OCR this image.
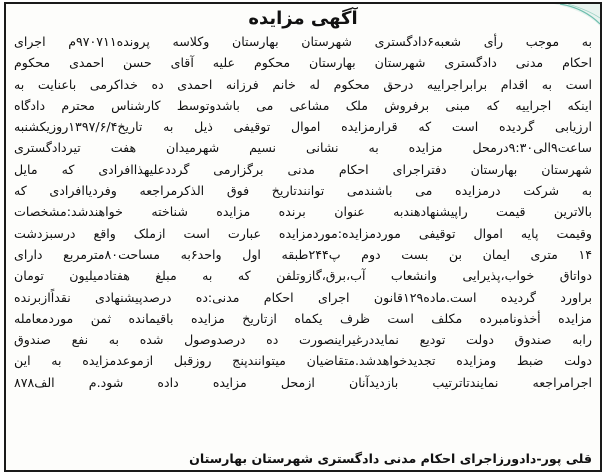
آگهی مزایده
به موجب رأی شعبه۶دادگستری شهرستان بهارستان وکلاسه پرونده۹۷۰۷۱۱م اجرای
احکام مدنی دادگستری شهرستان بهارستان محکوم علیه آقای حسن احمدی محکوم
است به اقدام برابراجراییه درحق محکوم له خانم فرزانه احمدی ده خداکرمی باعنایت به
اینکه اجراییه که مبنی برفروش ملک مشاعی می باشدوتوسط کارشناس محترم دادگاه
ارزیابی گردیده است که قرارمزایده اموال توقیفی ذیل به تاریخ۱۳۹۷/۶/۴روزیکشنبه
ساعت۹الی۹:۳۰درمحل مزایده به نشانی نسیم شهرمیدان هفت تیردادگستری
شهرستان بهارستان دفتراجرای احکام مدنی برگزارمی گرددعلیهذاافرادی که مایل
به شرکت درمزایده می باشندمی توانندتاریخ فوق الذکرمراجعه وفردیاافرادی که
بالاترین قیمت راپیشنهادهندبه عنوان برنده مزایده شناخته خواهندشد:مشخصات
وقیمت پایه اموال توقیفی موردمزایده:موردمزایده عبارت است ازملک واقع درسبزدشت
۱۴ متری ایمان بن بست دوم پ۲۴۴طبقه اول واحد۶به مساحت۸۰مترمربع دارای
دواتاق خواب،پذیرایی وانشعاب آب،برق،گازوتلفن که به مبلغ هفتادمیلیون تومان
براورد گردیده است.ماده۱۲۹قانون اجرای احکام مدنی:ده درصدپیشنهادی نقداًازبرنده
مزایده أخذونامبرده مکلف است ظرف یکماه ازتاریخ مزایده باقیمانده ثمن موردمعامله
رابه صندوق دولت تودیع نمایددرغیراینصورت ده درصدوصول شده به نفع صندوق
دولت ضبط ومزایده تجدیدخواهدشد.متقاضیان میتوانندپنج روزقبل ازموعدمزایده به این
اجرامراجعه نمایندتاترتیب بازدیدآنان ازمحل مزایده داده شود.م الف۸۷۸
قلی پور-دادورزاجرای احکام مدنی دادگستری شهرستان بهارستان
